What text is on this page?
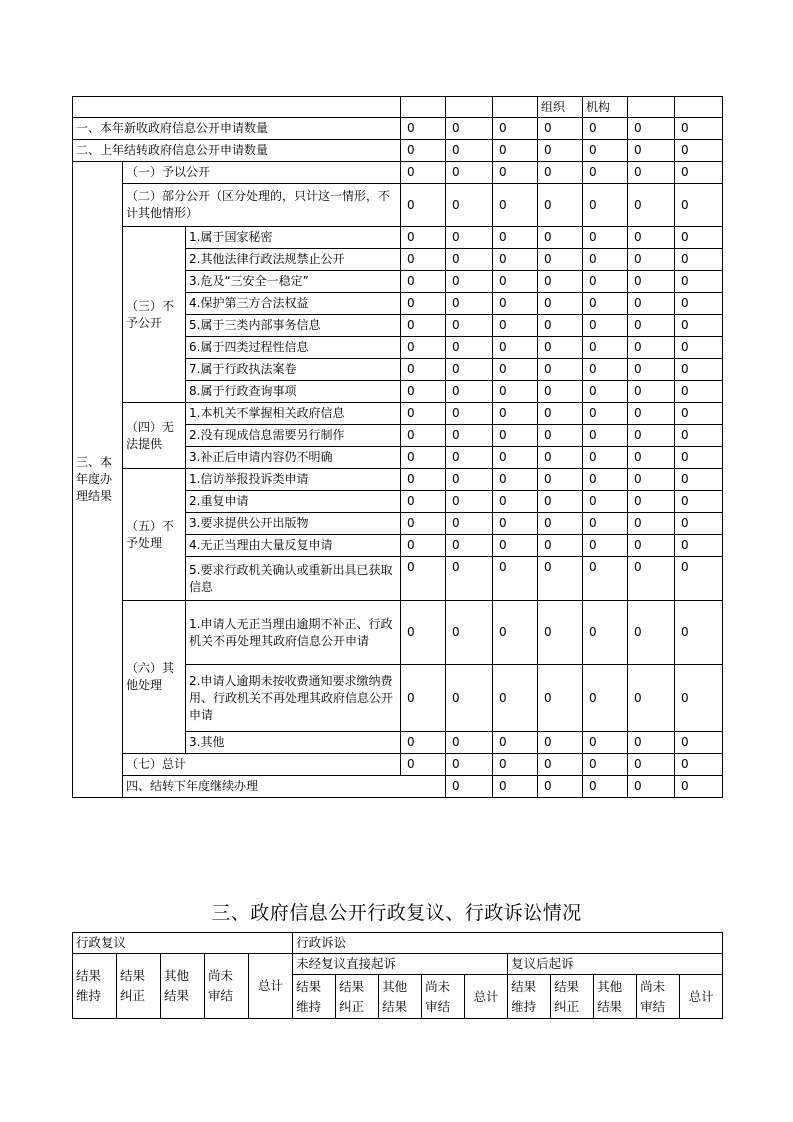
						组织	机构			
一、本年新收政府信息公开申请数量			0	0	0	0	0	0	0	
二、上年结转政府信息公开申请数量			0	0	0	0	0	0	0	
三、本年度办理结果	（一）予以公开		0	0	0	0	0	0	0	
	（二）部分公开（区分处理的，只计这一情形，不计其他情形）		0	0	0	0	0	0	0	
	（三）不予公开	1.属于国家秘密	0	0	0	0	0	0	0	
		2.其他法律行政法规禁止公开	0	0	0	0	0	0	0	
		3.危及“三安全一稳定”	0	0	0	0	0	0	0	
		4.保护第三方合法权益	0	0	0	0	0	0	0	
		5.属于三类内部事务信息	0	0	0	0	0	0	0	
		6.属于四类过程性信息	0	0	0	0	0	0	0	
		7.属于行政执法案卷	0	0	0	0	0	0	0	
		8.属于行政查询事项	0	0	0	0	0	0	0	
	（四）无法提供	1.本机关不掌握相关政府信息	0	0	0	0	0	0	0	
		2.没有现成信息需要另行制作	0	0	0	0	0	0	0	
		3.补正后申请内容仍不明确	0	0	0	0	0	0	0	
	（五）不予处理	1.信访举报投诉类申请	0	0	0	0	0	0	0	
		2.重复申请	0	0	0	0	0	0	0	
		3.要求提供公开出版物	0	0	0	0	0	0	0	
		4.无正当理由大量反复申请	0	0	0	0	0	0	0	
		5.要求行政机关确认或重新出具已获取信息	0	0	0	0	0	0	0	
	（六）其他处理	1.申请人无正当理由逾期不补正、行政机关不再处理其政府信息公开申请	0	0	0	0	0	0	0	
		2.申请人逾期未按收费通知要求缴纳费用、行政机关不再处理其政府信息公开申请	0	0	0	0	0	0	0	
		3.其他	0	0	0	0	0	0	0	
	（七）总计		0	0	0	0	0	0	0	
	四、结转下年度继续办理			0	0	0	0	0	0	
三、政府信息公开行政复议、行政诉讼情况
行政复议					行政诉讼									
结果维持	结果纠正	其他结果	尚未审结	总计	未经复议直接起诉					复议后起诉				
					结果维持	结果纠正	其他结果	尚未审结	总计	结果维持	结果纠正	其他结果	尚未审结	总计
